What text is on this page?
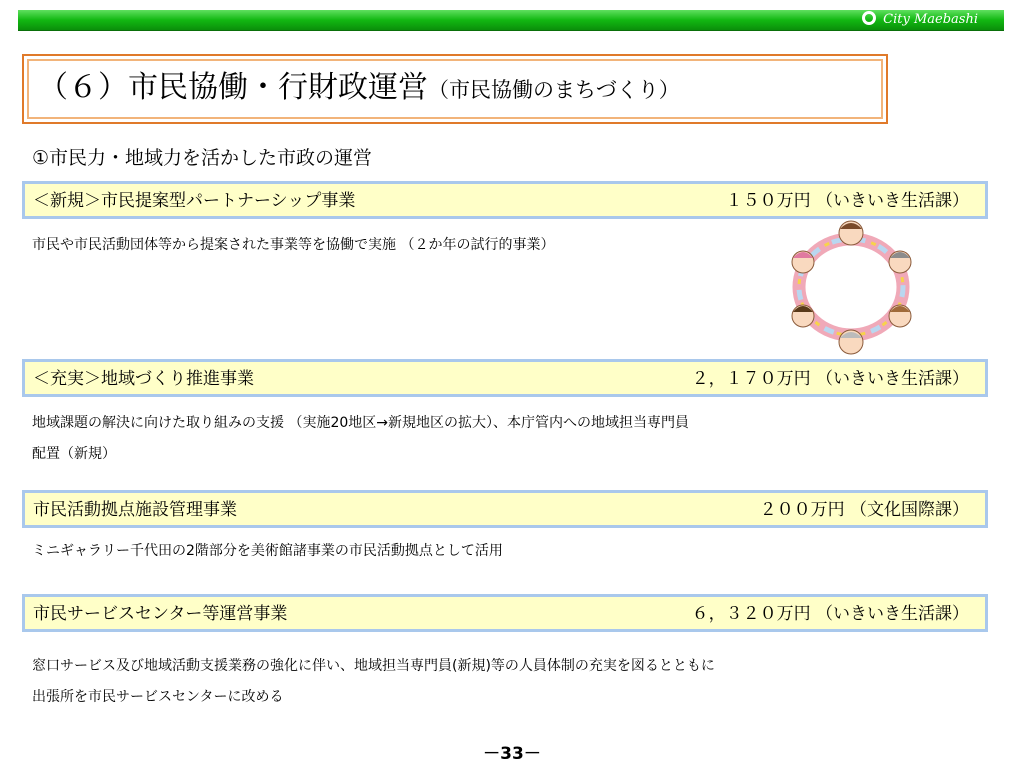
City Maebashi
（６）市民協働・行財政運営（市民協働のまちづくり）
①市民力・地域力を活かした市政の運営
＜新規＞市民提案型パートナーシップ事業	１５０万円 （いきいき生活課）
市民や市民活動団体等から提案された事業等を協働で実施 （２か年の試行的事業）
＜充実＞地域づくり推進事業	２，１７０万円 （いきいき生活課）
地域課題の解決に向けた取り組みの支援 （実施20地区→新規地区の拡大）、本庁管内への地域担当専門員
配置（新規）
市民活動拠点施設管理事業	２００万円 （文化国際課）
ミニギャラリー千代田の2階部分を美術館諸事業の市民活動拠点として活用
市民サービスセンター等運営事業	６，３２０万円 （いきいき生活課）
窓口サービス及び地域活動支援業務の強化に伴い、地域担当専門員(新規)等の人員体制の充実を図るとともに
出張所を市民サービスセンターに改める
－33－
